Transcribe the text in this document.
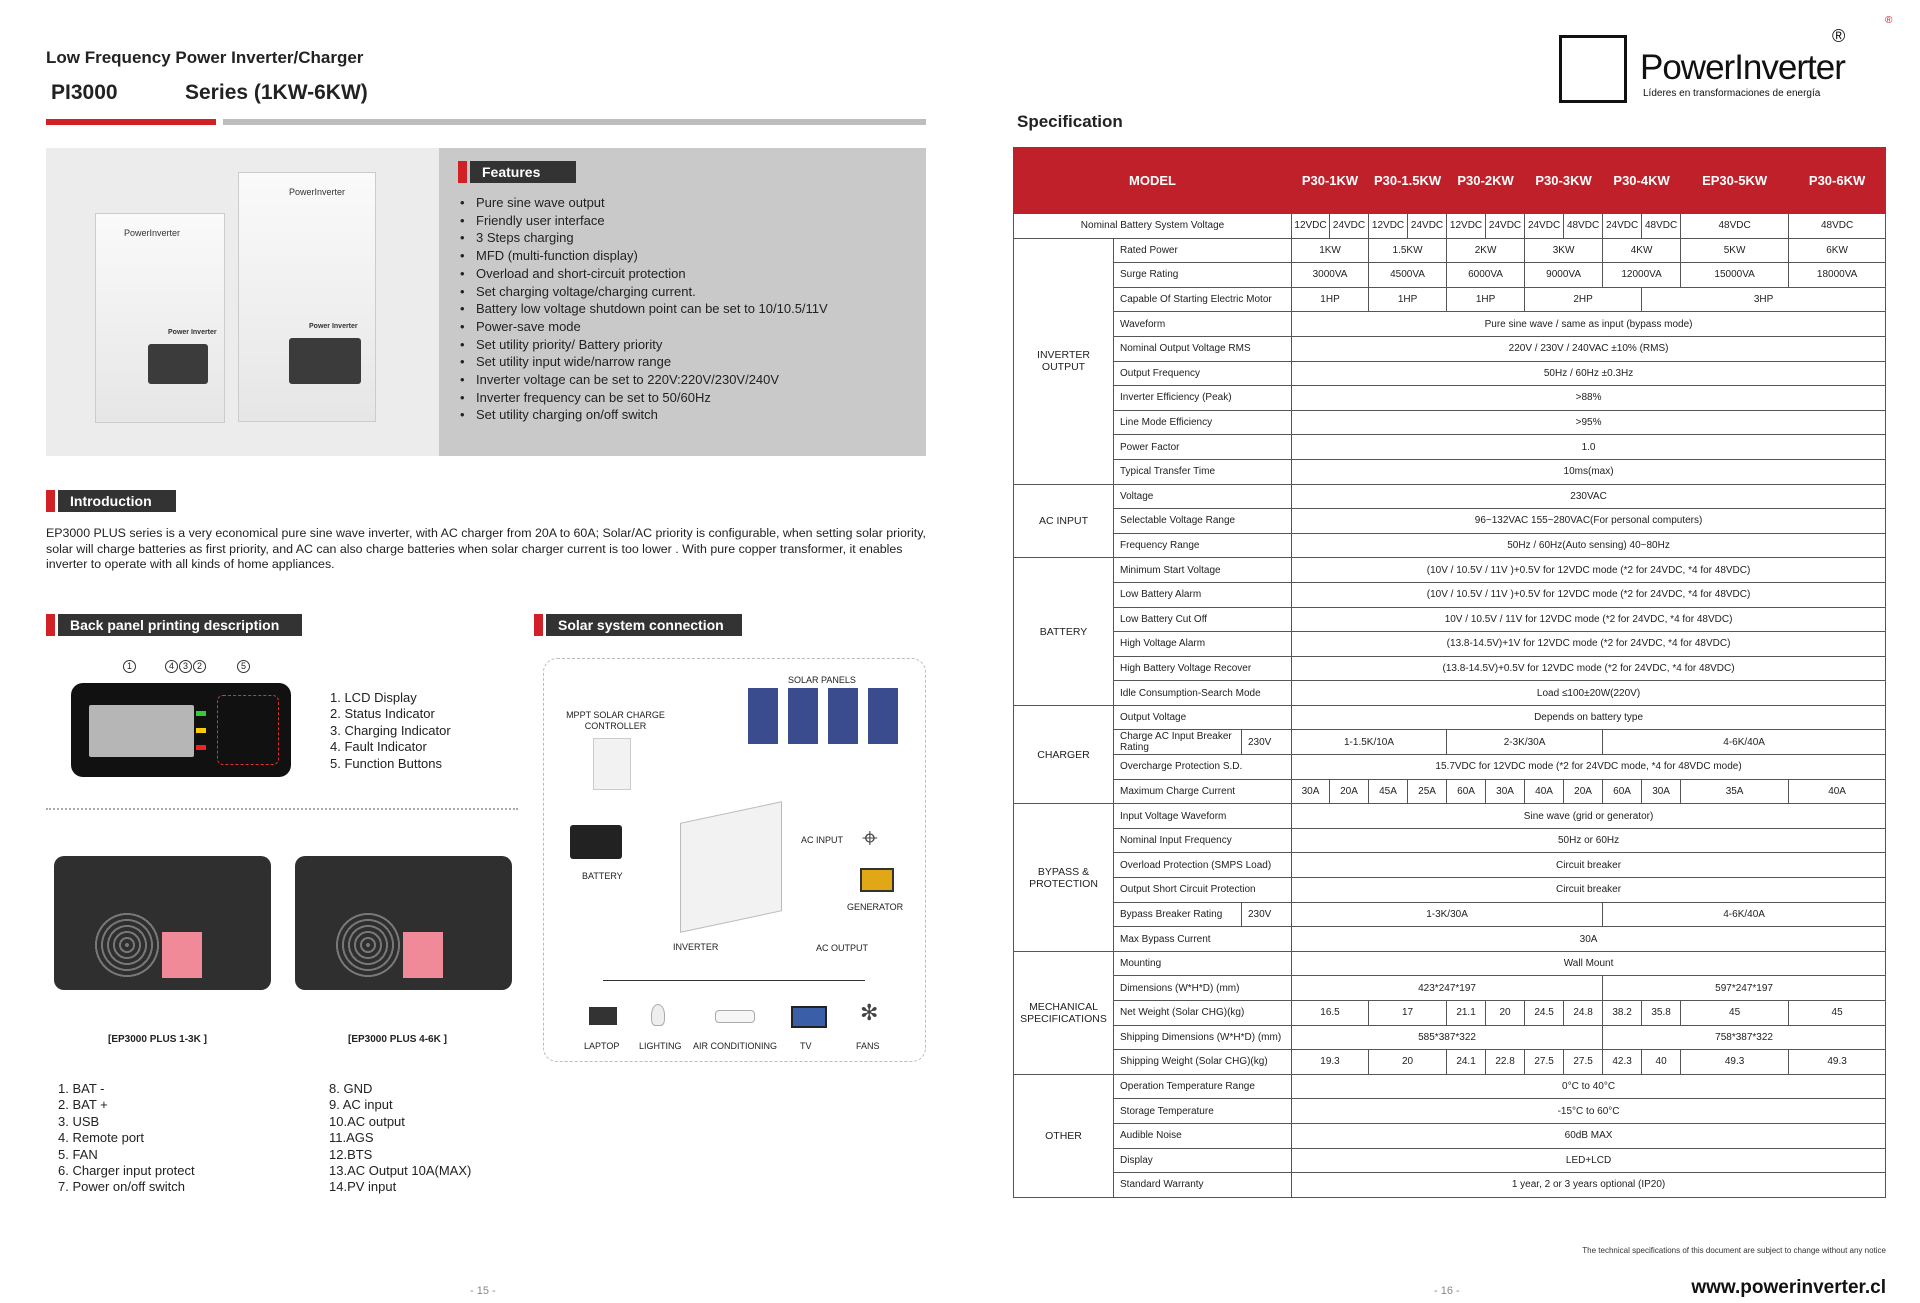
Low Frequency Power Inverter/Charger
PI3000	Series (1KW-6KW)
PowerInverter
Power Inverter
PowerInverter
Power Inverter
Features
• Pure sine wave output
• Friendly user interface
• 3 Steps charging
• MFD (multi-function display)
• Overload and short-circuit protection
• Set charging voltage/charging current.
• Battery low voltage shutdown point can be set to 10/10.5/11V
• Power-save mode
• Set utility priority/ Battery priority
• Set utility input wide/narrow range
• Inverter voltage can be set to 220V:220V/230V/240V
• Inverter frequency can be set to 50/60Hz
• Set utility charging on/off switch
Introduction
EP3000 PLUS series is a very economical pure sine wave inverter, with AC charger from 20A to 60A; Solar/AC priority is configurable, when setting solar priority, solar will charge batteries as first priority, and AC can also charge batteries when solar charger current is too lower . With pure copper transformer, it enables inverter to operate with all kinds of home appliances.
Back panel printing description	Solar system connection
1	4 3 2	5
1. LCD Display
2. Status Indicator
3. Charging Indicator
4. Fault Indicator
5. Function Buttons
[EP3000 PLUS 1-3K ]	[EP3000 PLUS 4-6K ]
1. BAT -
2. BAT +
3. USB
4. Remote port
5. FAN
6. Charger input protect
7. Power on/off switch
8. GND
9. AC input
10.AC output
11.AGS
12.BTS
13.AC Output 10A(MAX)
14.PV input
SOLAR PANELS
MPPT SOLAR CHARGE CONTROLLER
BATTERY
AC INPUT ⌖
GENERATOR
INVERTER	AC OUTPUT
✻
LAPTOP LIGHTING AIR CONDITIONING	TV	FANS
- 15 -
PowerInverter
Líderes en transformaciones de energía
®
®
Specification
MODEL			P30-1KW		P30-1.5KW		P30-2KW		P30-3KW		P30-4KW		EP30-5KW	P30-6KW
Nominal Battery System Voltage			12VDC	24VDC	12VDC	24VDC	12VDC	24VDC	24VDC	48VDC	24VDC	48VDC	48VDC	48VDC
INVERTER OUTPUT	Rated Power		1KW		1.5KW		2KW		3KW		4KW		5KW	6KW
	Surge Rating		3000VA		4500VA		6000VA		9000VA		12000VA		15000VA	18000VA
	Capable Of Starting Electric Motor		1HP		1HP		1HP		2HP			3HP		
	Waveform		Pure sine wave / same as input (bypass mode)											
	Nominal Output Voltage RMS		220V / 230V / 240VAC ±10% (RMS)											
	Output Frequency		50Hz / 60Hz ±0.3Hz											
	Inverter Efficiency (Peak)		>88%											
	Line Mode Efficiency		>95%											
	Power Factor		1.0											
	Typical Transfer Time		10ms(max)											
AC INPUT	Voltage		230VAC											
	Selectable Voltage Range		96~132VAC 155~280VAC(For personal computers)											
	Frequency Range		50Hz / 60Hz(Auto sensing) 40~80Hz											
BATTERY	Minimum Start Voltage		(10V / 10.5V / 11V )+0.5V for 12VDC mode (*2 for 24VDC, *4 for 48VDC)											
	Low Battery Alarm		(10V / 10.5V / 11V )+0.5V for 12VDC mode (*2 for 24VDC, *4 for 48VDC)											
	Low Battery Cut Off		10V / 10.5V / 11V for 12VDC mode (*2 for 24VDC, *4 for 48VDC)											
	High Voltage Alarm		(13.8-14.5V)+1V for 12VDC mode (*2 for 24VDC, *4 for 48VDC)											
	High Battery Voltage Recover		(13.8-14.5V)+0.5V for 12VDC mode (*2 for 24VDC, *4 for 48VDC)											
	Idle Consumption-Search Mode		Load ≤100±20W(220V)											
CHARGER	Output Voltage		Depends on battery type											
	Charge AC Input Breaker Rating	230V	1-1.5K/10A				2-3K/30A				4-6K/40A			
	Overcharge Protection S.D.		15.7VDC for 12VDC mode (*2 for 24VDC mode, *4 for 48VDC mode)											
	Maximum Charge Current		30A	20A	45A	25A	60A	30A	40A	20A	60A	30A	35A	40A
BYPASS & PROTECTION	Input Voltage Waveform		Sine wave (grid or generator)											
	Nominal Input Frequency		50Hz or 60Hz											
	Overload Protection (SMPS Load)		Circuit breaker											
	Output Short Circuit Protection		Circuit breaker											
	Bypass Breaker Rating	230V	1-3K/30A								4-6K/40A			
	Max Bypass Current		30A											
MECHANICAL SPECIFICATIONS	Mounting		Wall Mount											
	Dimensions (W*H*D) (mm)		423*247*197								597*247*197			
	Net Weight (Solar CHG)(kg)		16.5		17		21.1	20	24.5	24.8	38.2	35.8	45	45
	Shipping Dimensions (W*H*D) (mm)		585*387*322								758*387*322			
	Shipping Weight (Solar CHG)(kg)		19.3		20		24.1	22.8	27.5	27.5	42.3	40	49.3	49.3
OTHER	Operation Temperature Range		0°C to 40°C											
	Storage Temperature		-15°C to 60°C											
	Audible Noise		60dB MAX											
	Display		LED+LCD											
	Standard Warranty		1 year, 2 or 3 years optional (IP20)											
The technical specifications of this document are subject to change without any notice
- 16 -	www.powerinverter.cl
